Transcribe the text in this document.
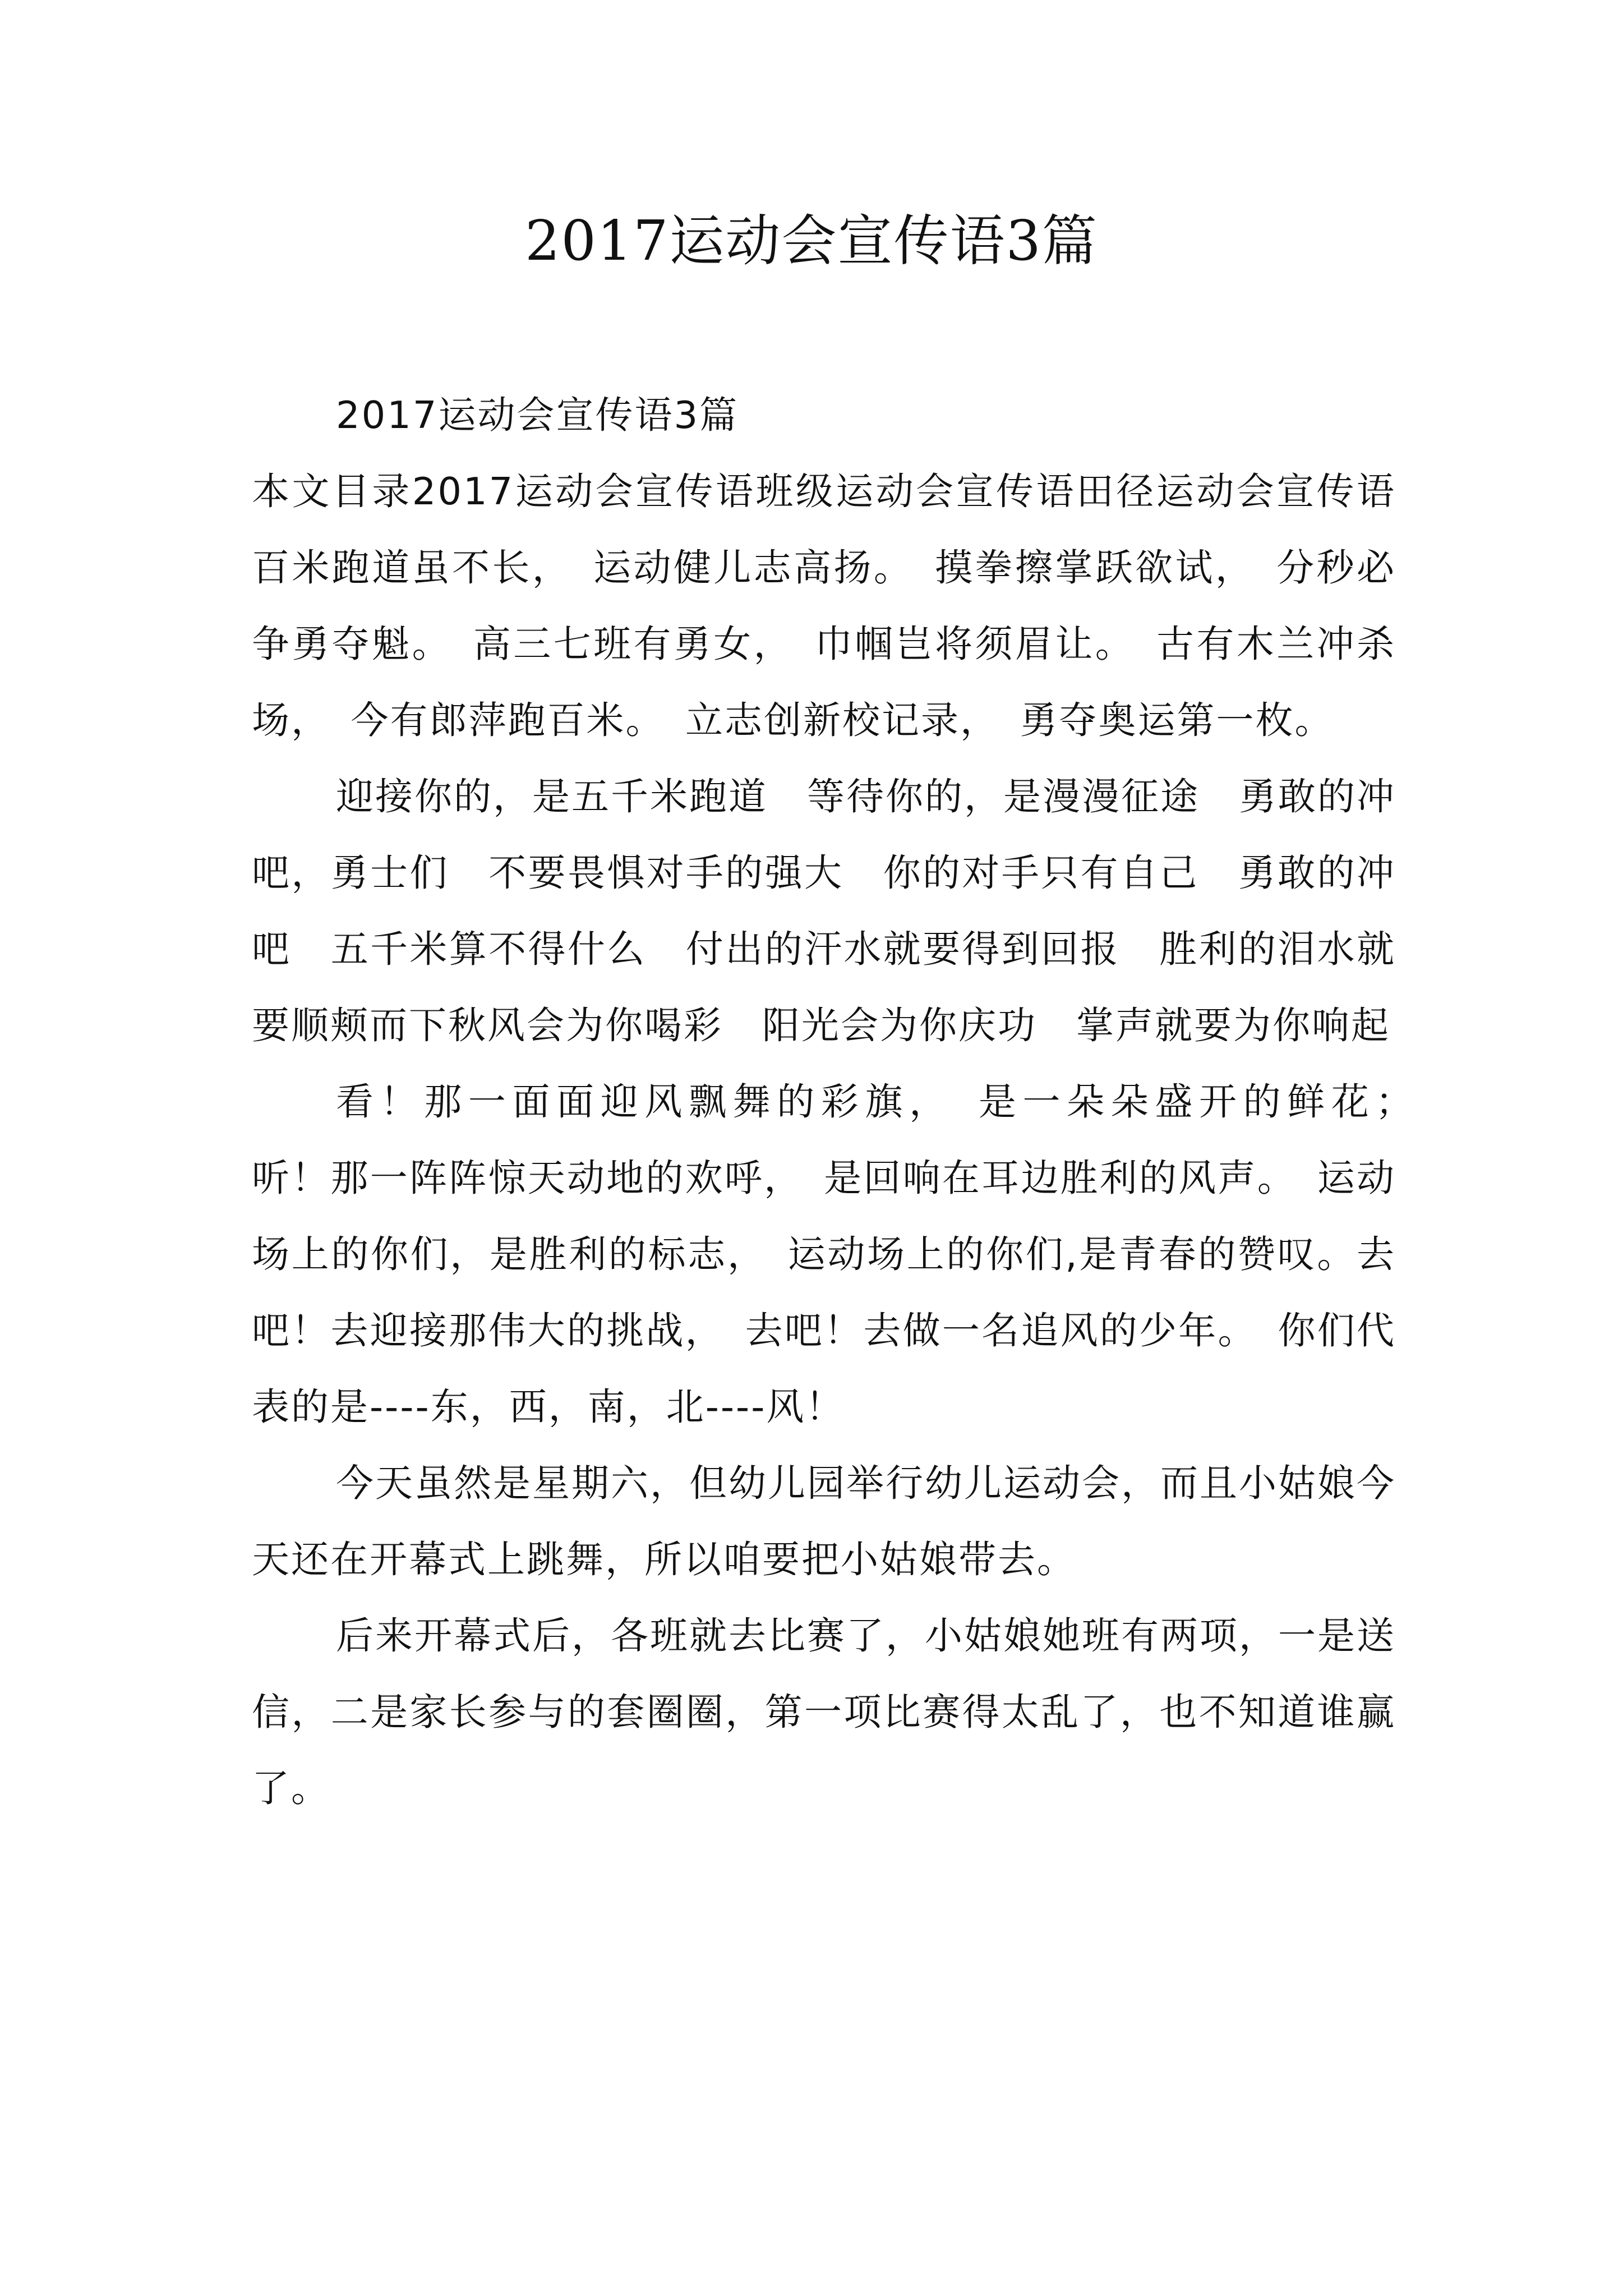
2017运动会宣传语3篇

2017运动会宣传语3篇

本文目录2017运动会宣传语班级运动会宣传语田径运动会宣传语　　百米跑道虽不长，　运动健儿志高扬。　摸拳擦掌跃欲试，　分秒必争勇夺魁。　高三七班有勇女，　巾帼岂将须眉让。　古有木兰冲杀场，　今有郎萍跑百米。　立志创新校记录，　勇夺奥运第一枚。

迎接你的，是五千米跑道　等待你的，是漫漫征途　勇敢的冲吧，勇士们　不要畏惧对手的强大　你的对手只有自己　勇敢的冲吧　五千米算不得什么　付出的汗水就要得到回报　胜利的泪水就要顺颊而下秋风会为你喝彩　阳光会为你庆功　掌声就要为你响起

看！那一面面迎风飘舞的彩旗，　是一朵朵盛开的鲜花；　听！那一阵阵惊天动地的欢呼，　是回响在耳边胜利的风声。　运动场上的你们，是胜利的标志，　运动场上的你们,是青春的赞叹。去吧！去迎接那伟大的挑战，　去吧！去做一名追风的少年。　你们代表的是----东，西，南，北----风！

今天虽然是星期六，但幼儿园举行幼儿运动会，而且小姑娘今天还在开幕式上跳舞，所以咱要把小姑娘带去。

后来开幕式后，各班就去比赛了，小姑娘她班有两项，一是送信，二是家长参与的套圈圈，第一项比赛得太乱了，也不知道谁赢了。
